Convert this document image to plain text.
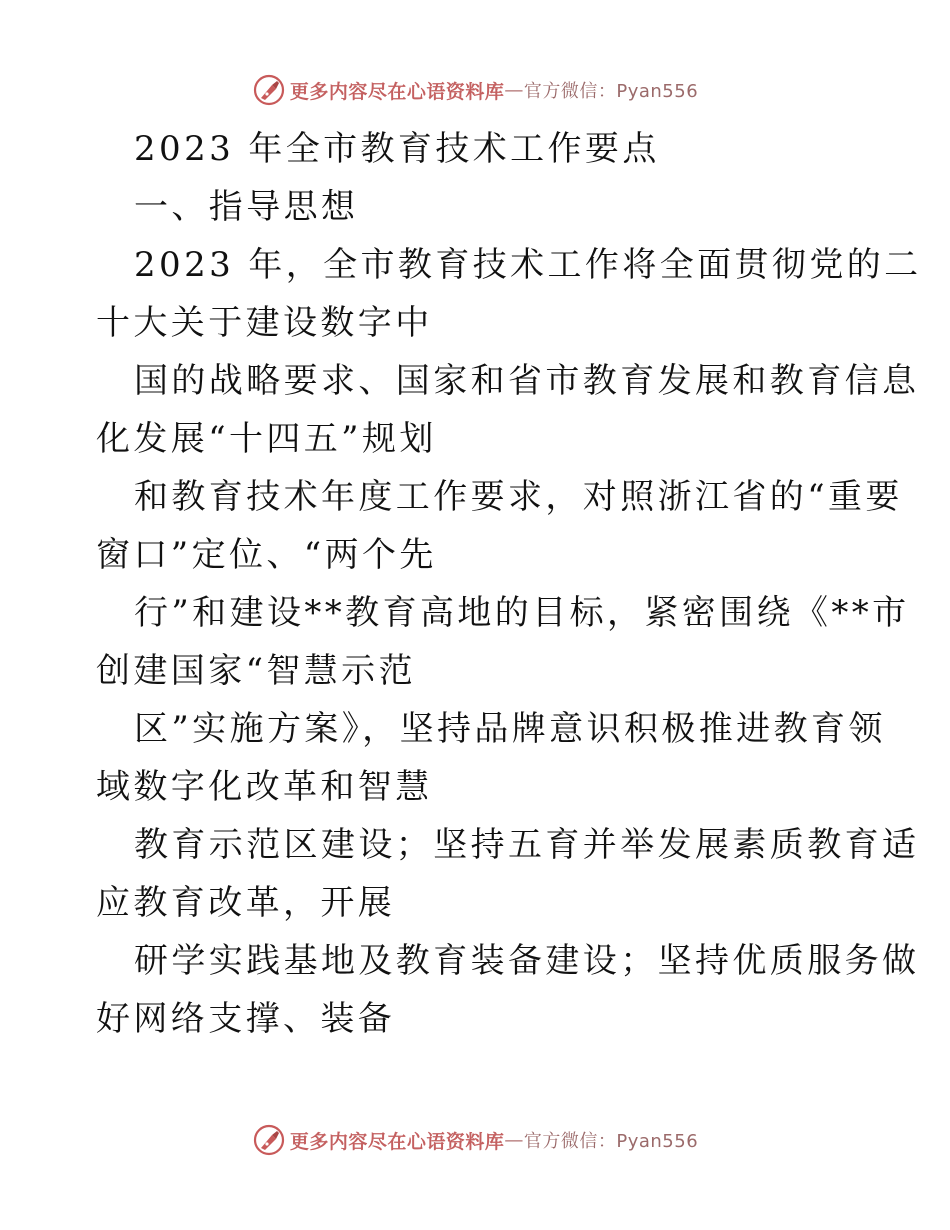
更多内容尽在心语资料库 — 官方微信：Pyan556
2023 年全市教育技术工作要点
一、指导思想
2023 年，全市教育技术工作将全面贯彻党的二
十大关于建设数字中
国的战略要求、国家和省市教育发展和教育信息
化发展“十四五”规划
和教育技术年度工作要求，对照浙江省的“重要
窗口”定位、“两个先
行”和建设**教育高地的目标，紧密围绕《**市
创建国家“智慧示范
区”实施方案》，坚持品牌意识积极推进教育领
域数字化改革和智慧
教育示范区建设；坚持五育并举发展素质教育适
应教育改革，开展
研学实践基地及教育装备建设；坚持优质服务做
好网络支撑、装备
更多内容尽在心语资料库 — 官方微信：Pyan556
